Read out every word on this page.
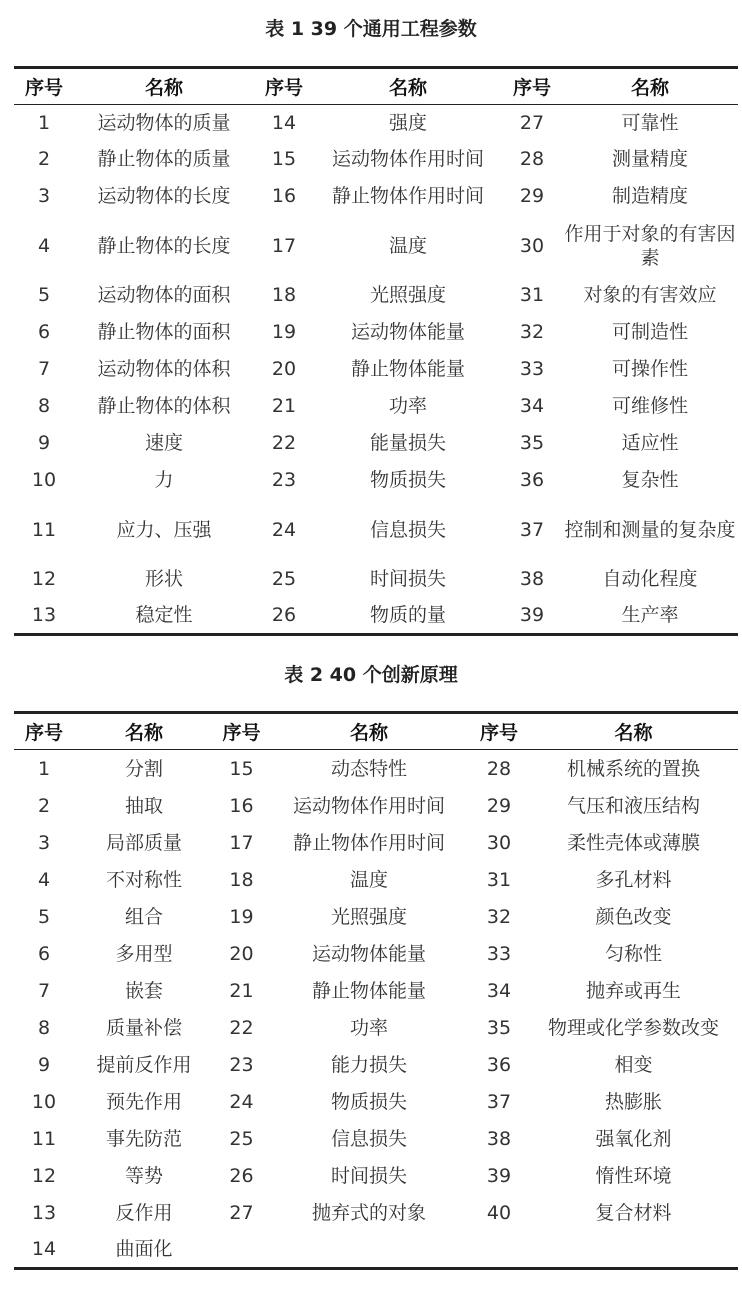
表 1 39 个通用工程参数
序号	名称	序号	名称	序号	名称
1	运动物体的质量	14	强度	27	可靠性
2	静止物体的质量	15	运动物体作用时间	28	测量精度
3	运动物体的长度	16	静止物体作用时间	29	制造精度
4	静止物体的长度	17	温度	30	作用于对象的有害因素
5	运动物体的面积	18	光照强度	31	对象的有害效应
6	静止物体的面积	19	运动物体能量	32	可制造性
7	运动物体的体积	20	静止物体能量	33	可操作性
8	静止物体的体积	21	功率	34	可维修性
9	速度	22	能量损失	35	适应性
10	力	23	物质损失	36	复杂性
11	应力、压强	24	信息损失	37	控制和测量的复杂度
12	形状	25	时间损失	38	自动化程度
13	稳定性	26	物质的量	39	生产率
表 2 40 个创新原理
序号	名称	序号	名称	序号	名称
1	分割	15	动态特性	28	机械系统的置换
2	抽取	16	运动物体作用时间	29	气压和液压结构
3	局部质量	17	静止物体作用时间	30	柔性壳体或薄膜
4	不对称性	18	温度	31	多孔材料
5	组合	19	光照强度	32	颜色改变
6	多用型	20	运动物体能量	33	匀称性
7	嵌套	21	静止物体能量	34	抛弃或再生
8	质量补偿	22	功率	35	物理或化学参数改变
9	提前反作用	23	能力损失	36	相变
10	预先作用	24	物质损失	37	热膨胀
11	事先防范	25	信息损失	38	强氧化剂
12	等势	26	时间损失	39	惰性环境
13	反作用	27	抛弃式的对象	40	复合材料
14	曲面化				
